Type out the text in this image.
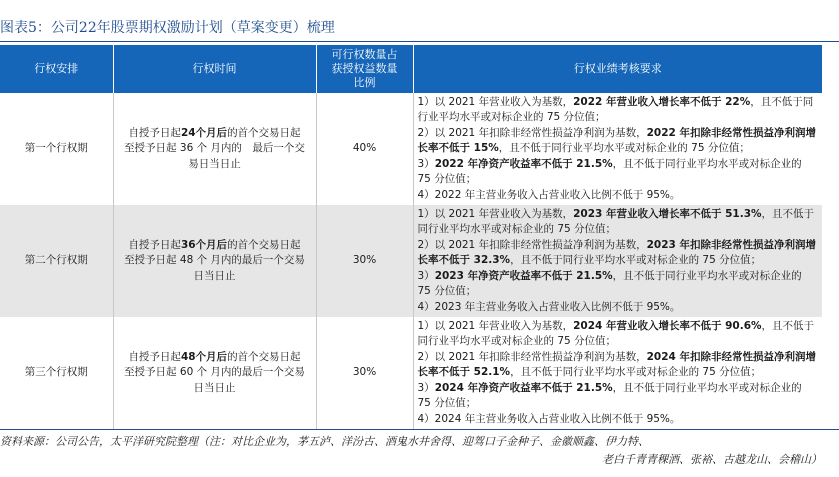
图表5：公司22年股票期权激励计划（草案变更）梳理
行权安排	行权时间	可行权数量占
获授权益数量
比例	行权业绩考核要求
第一个行权期	自授予日起24个月后的首个交易日起至授予日起 36 个 月内的　最后一个交易日当日止	40%	1）以 2021 年营业收入为基数，2022 年营业收入增长率不低于 22%，且不低于同行业平均水平或对标企业的 75 分位值；
2）以 2021 年扣除非经常性损益净利润为基数，2022 年扣除非经常性损益净利润增长率不低于 15%，且不低于同行业平均水平或对标企业的 75 分位值；
3）2022 年净资产收益率不低于 21.5%，且不低于同行业平均水平或对标企业的 75 分位值；
4）2022 年主营业务收入占营业收入比例不低于 95%。

第二个行权期	自授予日起36个月后的首个交易日起至授予日起 48 个 月内的最后一个交易日当日止	30%	1）以 2021 年营业收入为基数，2023 年营业收入增长率不低于 51.3%，且不低于同行业平均水平或对标企业的 75 分位值；
2）以 2021 年扣除非经常性损益净利润为基数，2023 年扣除非经常性损益净利润增长率不低于 32.3%，且不低于同行业平均水平或对标企业的 75 分位值；
3）2023 年净资产收益率不低于 21.5%，且不低于同行业平均水平或对标企业的 75 分位值；
4）2023 年主营业务收入占营业收入比例不低于 95%。

第三个行权期	自授予日起48个月后的首个交易日起至授予日起 60 个 月内的最后一个交易日当日止	30%	1）以 2021 年营业收入为基数，2024 年营业收入增长率不低于 90.6%，且不低于同行业平均水平或对标企业的 75 分位值；
2）以 2021 年扣除非经常性损益净利润为基数，2024 年扣除非经常性损益净利润增长率不低于 52.1%，且不低于同行业平均水平或对标企业的 75 分位值；
3）2024 年净资产收益率不低于 21.5%，且不低于同行业平均水平或对标企业的 75 分位值；
4）2024 年主营业务收入占营业收入比例不低于 95%。
资料来源：公司公告，太平洋研究院整理（注：对比企业为，茅五泸、洋汾古、酒鬼水井舍得、迎驾口子金种子、金徽顺鑫、伊力特、
老白千青青稞酒、张裕、古越龙山、会稽山）
